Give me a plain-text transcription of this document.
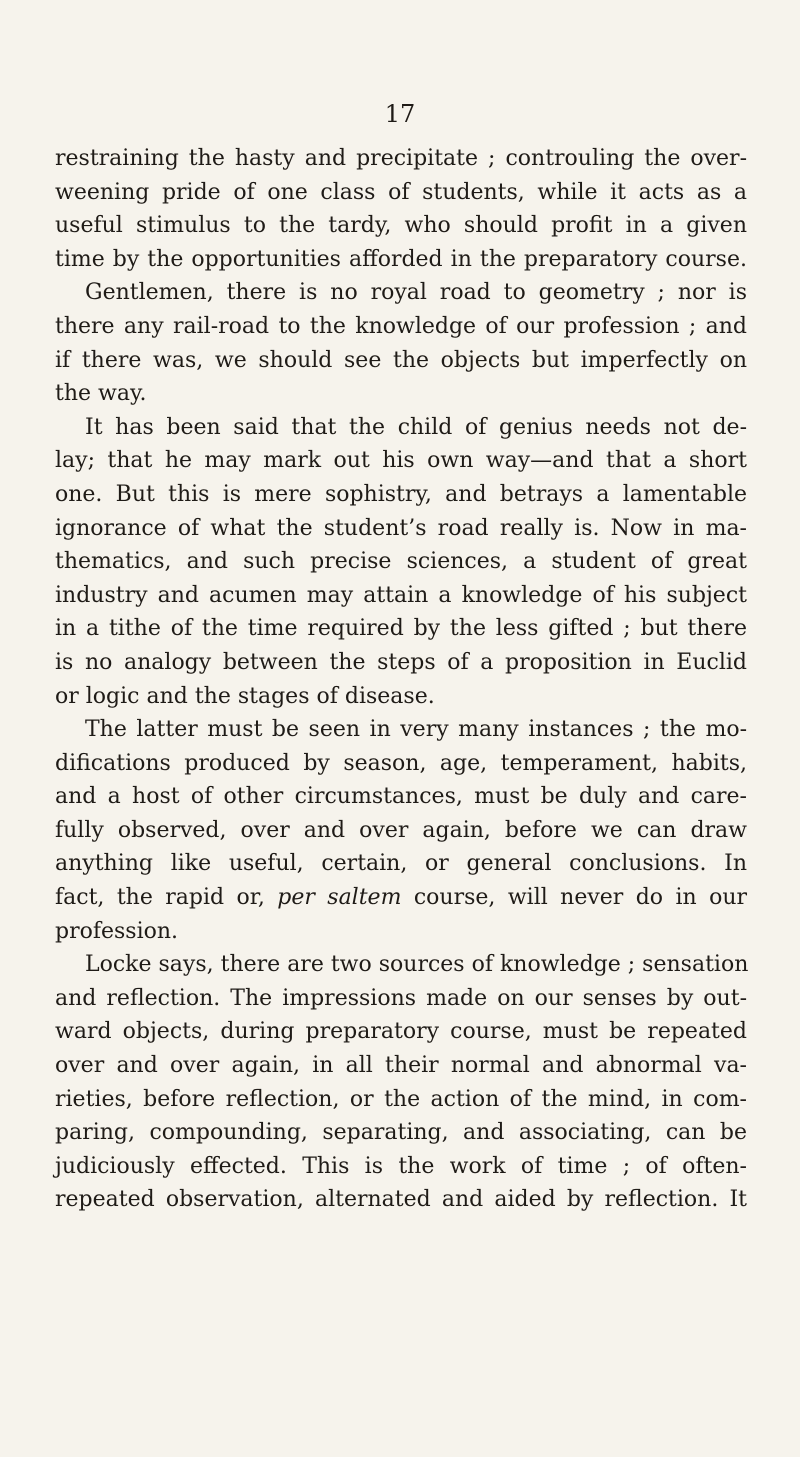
17
restraining the hasty and precipitate ; controuling the over-
weening pride of one class of students, while it acts as a
useful stimulus to the tardy, who should profit in a given
time by the opportunities afforded in the preparatory course.
Gentlemen, there is no royal road to geometry ; nor is
there any rail-road to the knowledge of our profession ; and
if there was, we should see the objects but imperfectly on
the way.
It has been said that the child of genius needs not de-
lay; that he may mark out his own way—and that a short
one. But this is mere sophistry, and betrays a lamentable
ignorance of what the student’s road really is. Now in ma-
thematics, and such precise sciences, a student of great
industry and acumen may attain a knowledge of his subject
in a tithe of the time required by the less gifted ; but there
is no analogy between the steps of a proposition in Euclid
or logic and the stages of disease.
The latter must be seen in very many instances ; the mo-
difications produced by season, age, temperament, habits,
and a host of other circumstances, must be duly and care-
fully observed, over and over again, before we can draw
anything like useful, certain, or general conclusions. In
fact, the rapid or, per saltem course, will never do in our
profession.
Locke says, there are two sources of knowledge ; sensation
and reflection. The impressions made on our senses by out-
ward objects, during preparatory course, must be repeated
over and over again, in all their normal and abnormal va-
rieties, before reflection, or the action of the mind, in com-
paring, compounding, separating, and associating, can be
judiciously effected. This is the work of time ; of often-
repeated observation, alternated and aided by reflection. It
